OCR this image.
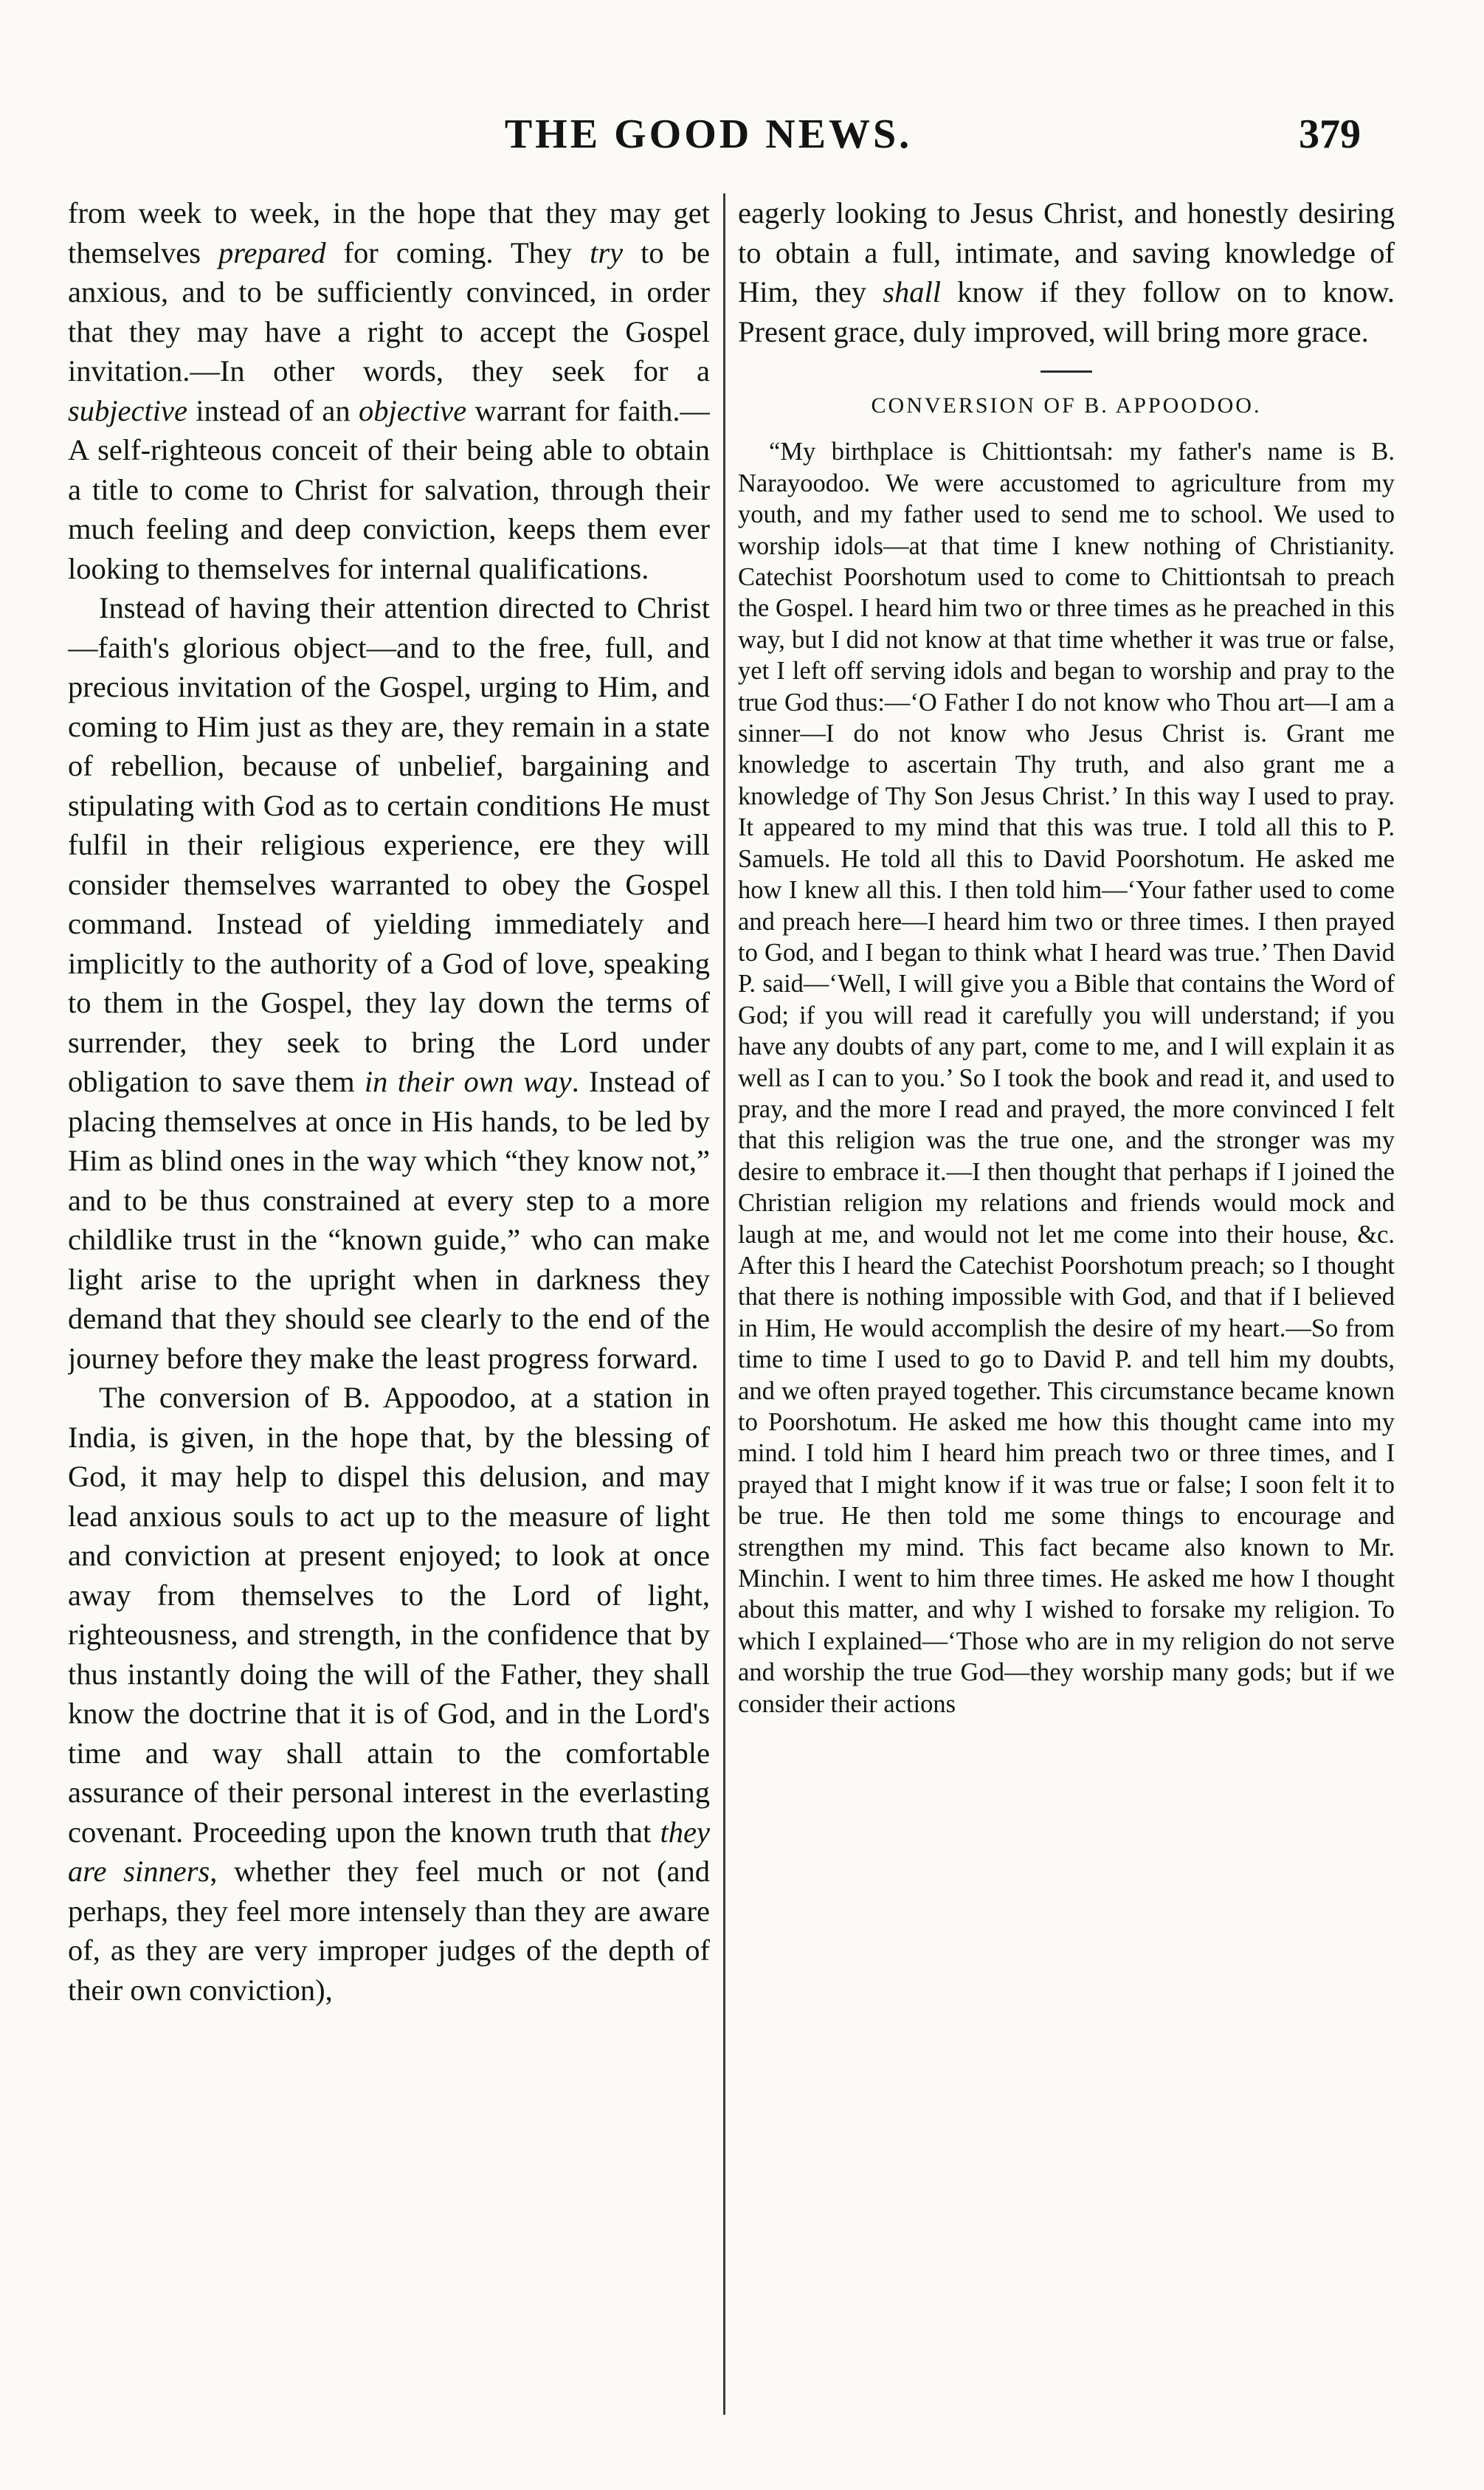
THE GOOD NEWS.	379

from week to week, in the hope that they may get themselves prepared for coming. They try to be anxious, and to be sufficiently convinced, in order that they may have a right to accept the Gospel invitation.—In other words, they seek for a subjective instead of an objective warrant for faith.—A self-righteous conceit of their being able to obtain a title to come to Christ for salvation, through their much feeling and deep conviction, keeps them ever looking to themselves for internal qualifications.

Instead of having their attention directed to Christ—faith's glorious object—and to the free, full, and precious invitation of the Gospel, urging to Him, and coming to Him just as they are, they remain in a state of rebellion, because of unbelief, bargaining and stipulating with God as to certain conditions He must fulfil in their religious experience, ere they will consider themselves warranted to obey the Gospel command. Instead of yielding immediately and implicitly to the authority of a God of love, speaking to them in the Gospel, they lay down the terms of surrender, they seek to bring the Lord under obligation to save them in their own way. Instead of placing themselves at once in His hands, to be led by Him as blind ones in the way which “they know not,” and to be thus constrained at every step to a more childlike trust in the “known guide,” who can make light arise to the upright when in darkness they demand that they should see clearly to the end of the journey before they make the least progress forward.

The conversion of B. Appoodoo, at a station in India, is given, in the hope that, by the blessing of God, it may help to dispel this delusion, and may lead anxious souls to act up to the measure of light and conviction at present enjoyed; to look at once away from themselves to the Lord of light, righteousness, and strength, in the confidence that by thus instantly doing the will of the Father, they shall know the doctrine that it is of God, and in the Lord's time and way shall attain to the comfortable assurance of their personal interest in the everlasting covenant. Proceeding upon the known truth that they are sinners, whether they feel much or not (and perhaps, they feel more intensely than they are aware of, as they are very improper judges of the depth of their own conviction),

eagerly looking to Jesus Christ, and honestly desiring to obtain a full, intimate, and saving knowledge of Him, they shall know if they follow on to know. Present grace, duly improved, will bring more grace.

CONVERSION OF B. APPOODOO.

“My birthplace is Chittiontsah: my father's name is B. Narayoodoo. We were accustomed to agriculture from my youth, and my father used to send me to school. We used to worship idols—at that time I knew nothing of Christianity. Catechist Poorshotum used to come to Chittiontsah to preach the Gospel. I heard him two or three times as he preached in this way, but I did not know at that time whether it was true or false, yet I left off serving idols and began to worship and pray to the true God thus:—‘O Father I do not know who Thou art—I am a sinner—I do not know who Jesus Christ is. Grant me knowledge to ascertain Thy truth, and also grant me a knowledge of Thy Son Jesus Christ.’ In this way I used to pray. It appeared to my mind that this was true. I told all this to P. Samuels. He told all this to David Poorshotum. He asked me how I knew all this. I then told him—‘Your father used to come and preach here—I heard him two or three times. I then prayed to God, and I began to think what I heard was true.’ Then David P. said—‘Well, I will give you a Bible that contains the Word of God; if you will read it carefully you will understand; if you have any doubts of any part, come to me, and I will explain it as well as I can to you.’ So I took the book and read it, and used to pray, and the more I read and prayed, the more convinced I felt that this religion was the true one, and the stronger was my desire to embrace it.—I then thought that perhaps if I joined the Christian religion my relations and friends would mock and laugh at me, and would not let me come into their house, &c. After this I heard the Catechist Poorshotum preach; so I thought that there is nothing impossible with God, and that if I believed in Him, He would accomplish the desire of my heart.—So from time to time I used to go to David P. and tell him my doubts, and we often prayed together. This circumstance became known to Poorshotum. He asked me how this thought came into my mind. I told him I heard him preach two or three times, and I prayed that I might know if it was true or false; I soon felt it to be true. He then told me some things to encourage and strengthen my mind. This fact became also known to Mr. Minchin. I went to him three times. He asked me how I thought about this matter, and why I wished to forsake my religion. To which I explained—‘Those who are in my religion do not serve and worship the true God—they worship many gods; but if we consider their actions
